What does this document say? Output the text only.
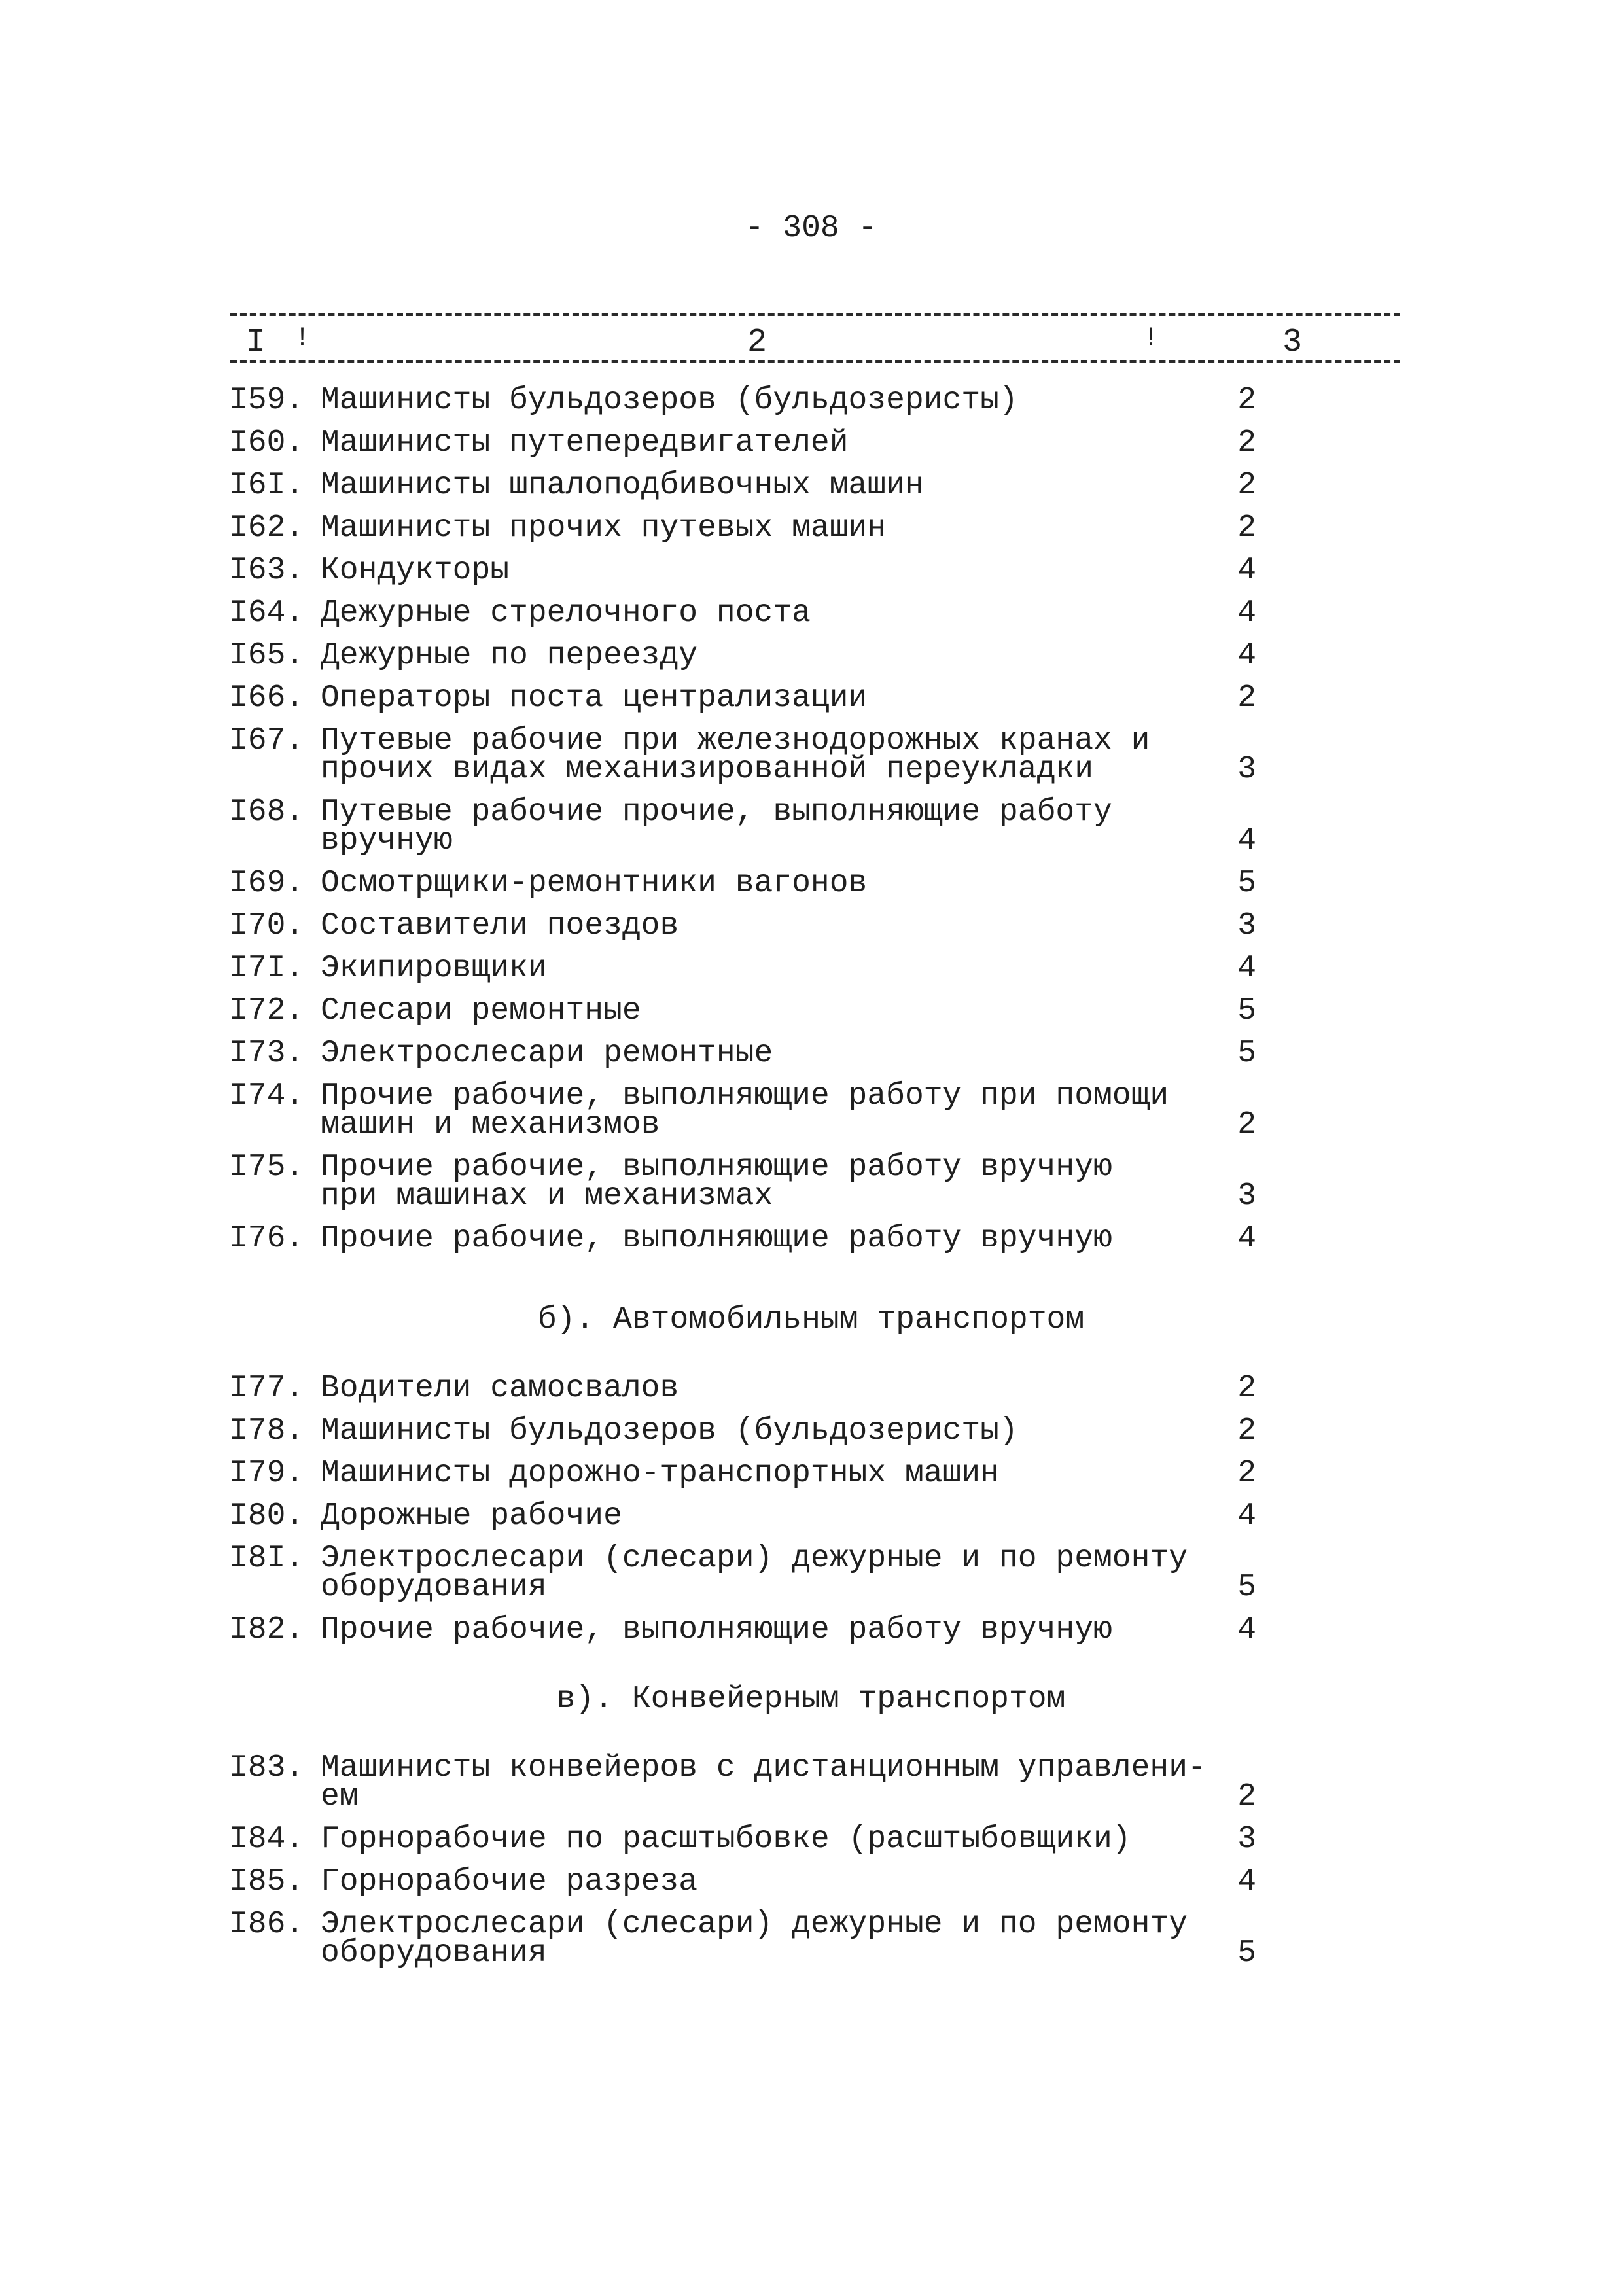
- 308 -
I !	2	!	3
I59. Машинисты бульдозеров (бульдозеристы)	2
I60. Машинисты путепередвигателей	2
I6I. Машинисты шпалоподбивочных машин	2
I62. Машинисты прочих путевых машин	2
I63. Кондукторы	4
I64. Дежурные стрелочного поста	4
I65. Дежурные по переезду	4
I66. Операторы поста централизации	2
I67. Путевые рабочие при железнодорожных кранах и
прочих видах механизированной переукладки	3
I68. Путевые рабочие прочие, выполняющие работу
вручную	4
I69. Осмотрщики-ремонтники вагонов	5
I70. Составители поездов	3
I7I. Экипировщики	4
I72. Слесари ремонтные	5
I73. Электрослесари ремонтные	5
I74. Прочие рабочие, выполняющие работу при помощи
машин и механизмов	2
I75. Прочие рабочие, выполняющие работу вручную
при машинах и механизмах	3
I76. Прочие рабочие, выполняющие работу вручную	4
б). Автомобильным транспортом
I77. Водители самосвалов	2
I78. Машинисты бульдозеров (бульдозеристы)	2
I79. Машинисты дорожно-транспортных машин	2
I80. Дорожные рабочие	4
I8I. Электрослесари (слесари) дежурные и по ремонту
оборудования	5
I82. Прочие рабочие, выполняющие работу вручную	4
в). Конвейерным транспортом
I83. Машинисты конвейеров с дистанционным управлени-
ем	2
I84. Горнорабочие по расштыбовке (расштыбовщики)	3
I85. Горнорабочие разреза	4
I86. Электрослесари (слесари) дежурные и по ремонту
оборудования	5
